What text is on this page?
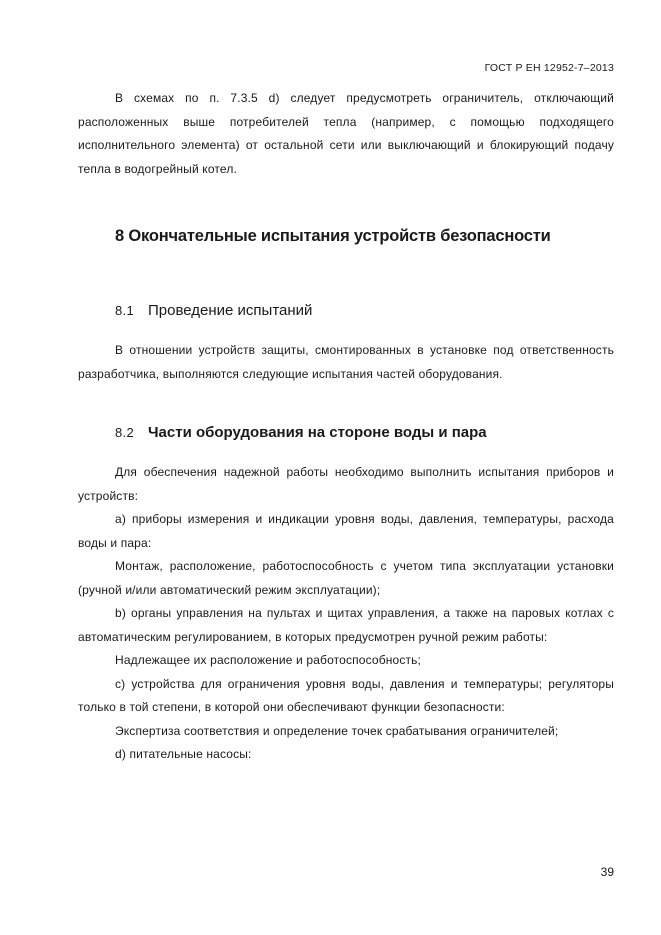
ГОСТ Р ЕН 12952-7–2013

В схемах по п. 7.3.5 d) следует предусмотреть ограничитель, отключающий расположенных выше потребителей тепла (например, с помощью подходящего исполнительного элемента) от остальной сети или выключающий и блокирующий подачу тепла в водогрейный котел.

8 Окончательные испытания устройств безопасности
8.1 Проведение испытаний

В отношении устройств защиты, смонтированных в установке под ответственность разработчика, выполняются следующие испытания частей оборудования.

8.2 Части оборудования на стороне воды и пара

Для обеспечения надежной работы необходимо выполнить испытания приборов и устройств:

a) приборы измерения и индикации уровня воды, давления, температуры, расхода воды и пара:

Монтаж, расположение, работоспособность с учетом типа эксплуатации установки (ручной и/или автоматический режим эксплуатации);

b) органы управления на пультах и щитах управления, а также на паровых котлах с автоматическим регулированием, в которых предусмотрен ручной режим работы:

Надлежащее их расположение и работоспособность;

c) устройства для ограничения уровня воды, давления и температуры; регуляторы только в той степени, в которой они обеспечивают функции безопасности:

Экспертиза соответствия и определение точек срабатывания ограничителей;

d) питательные насосы:

39
